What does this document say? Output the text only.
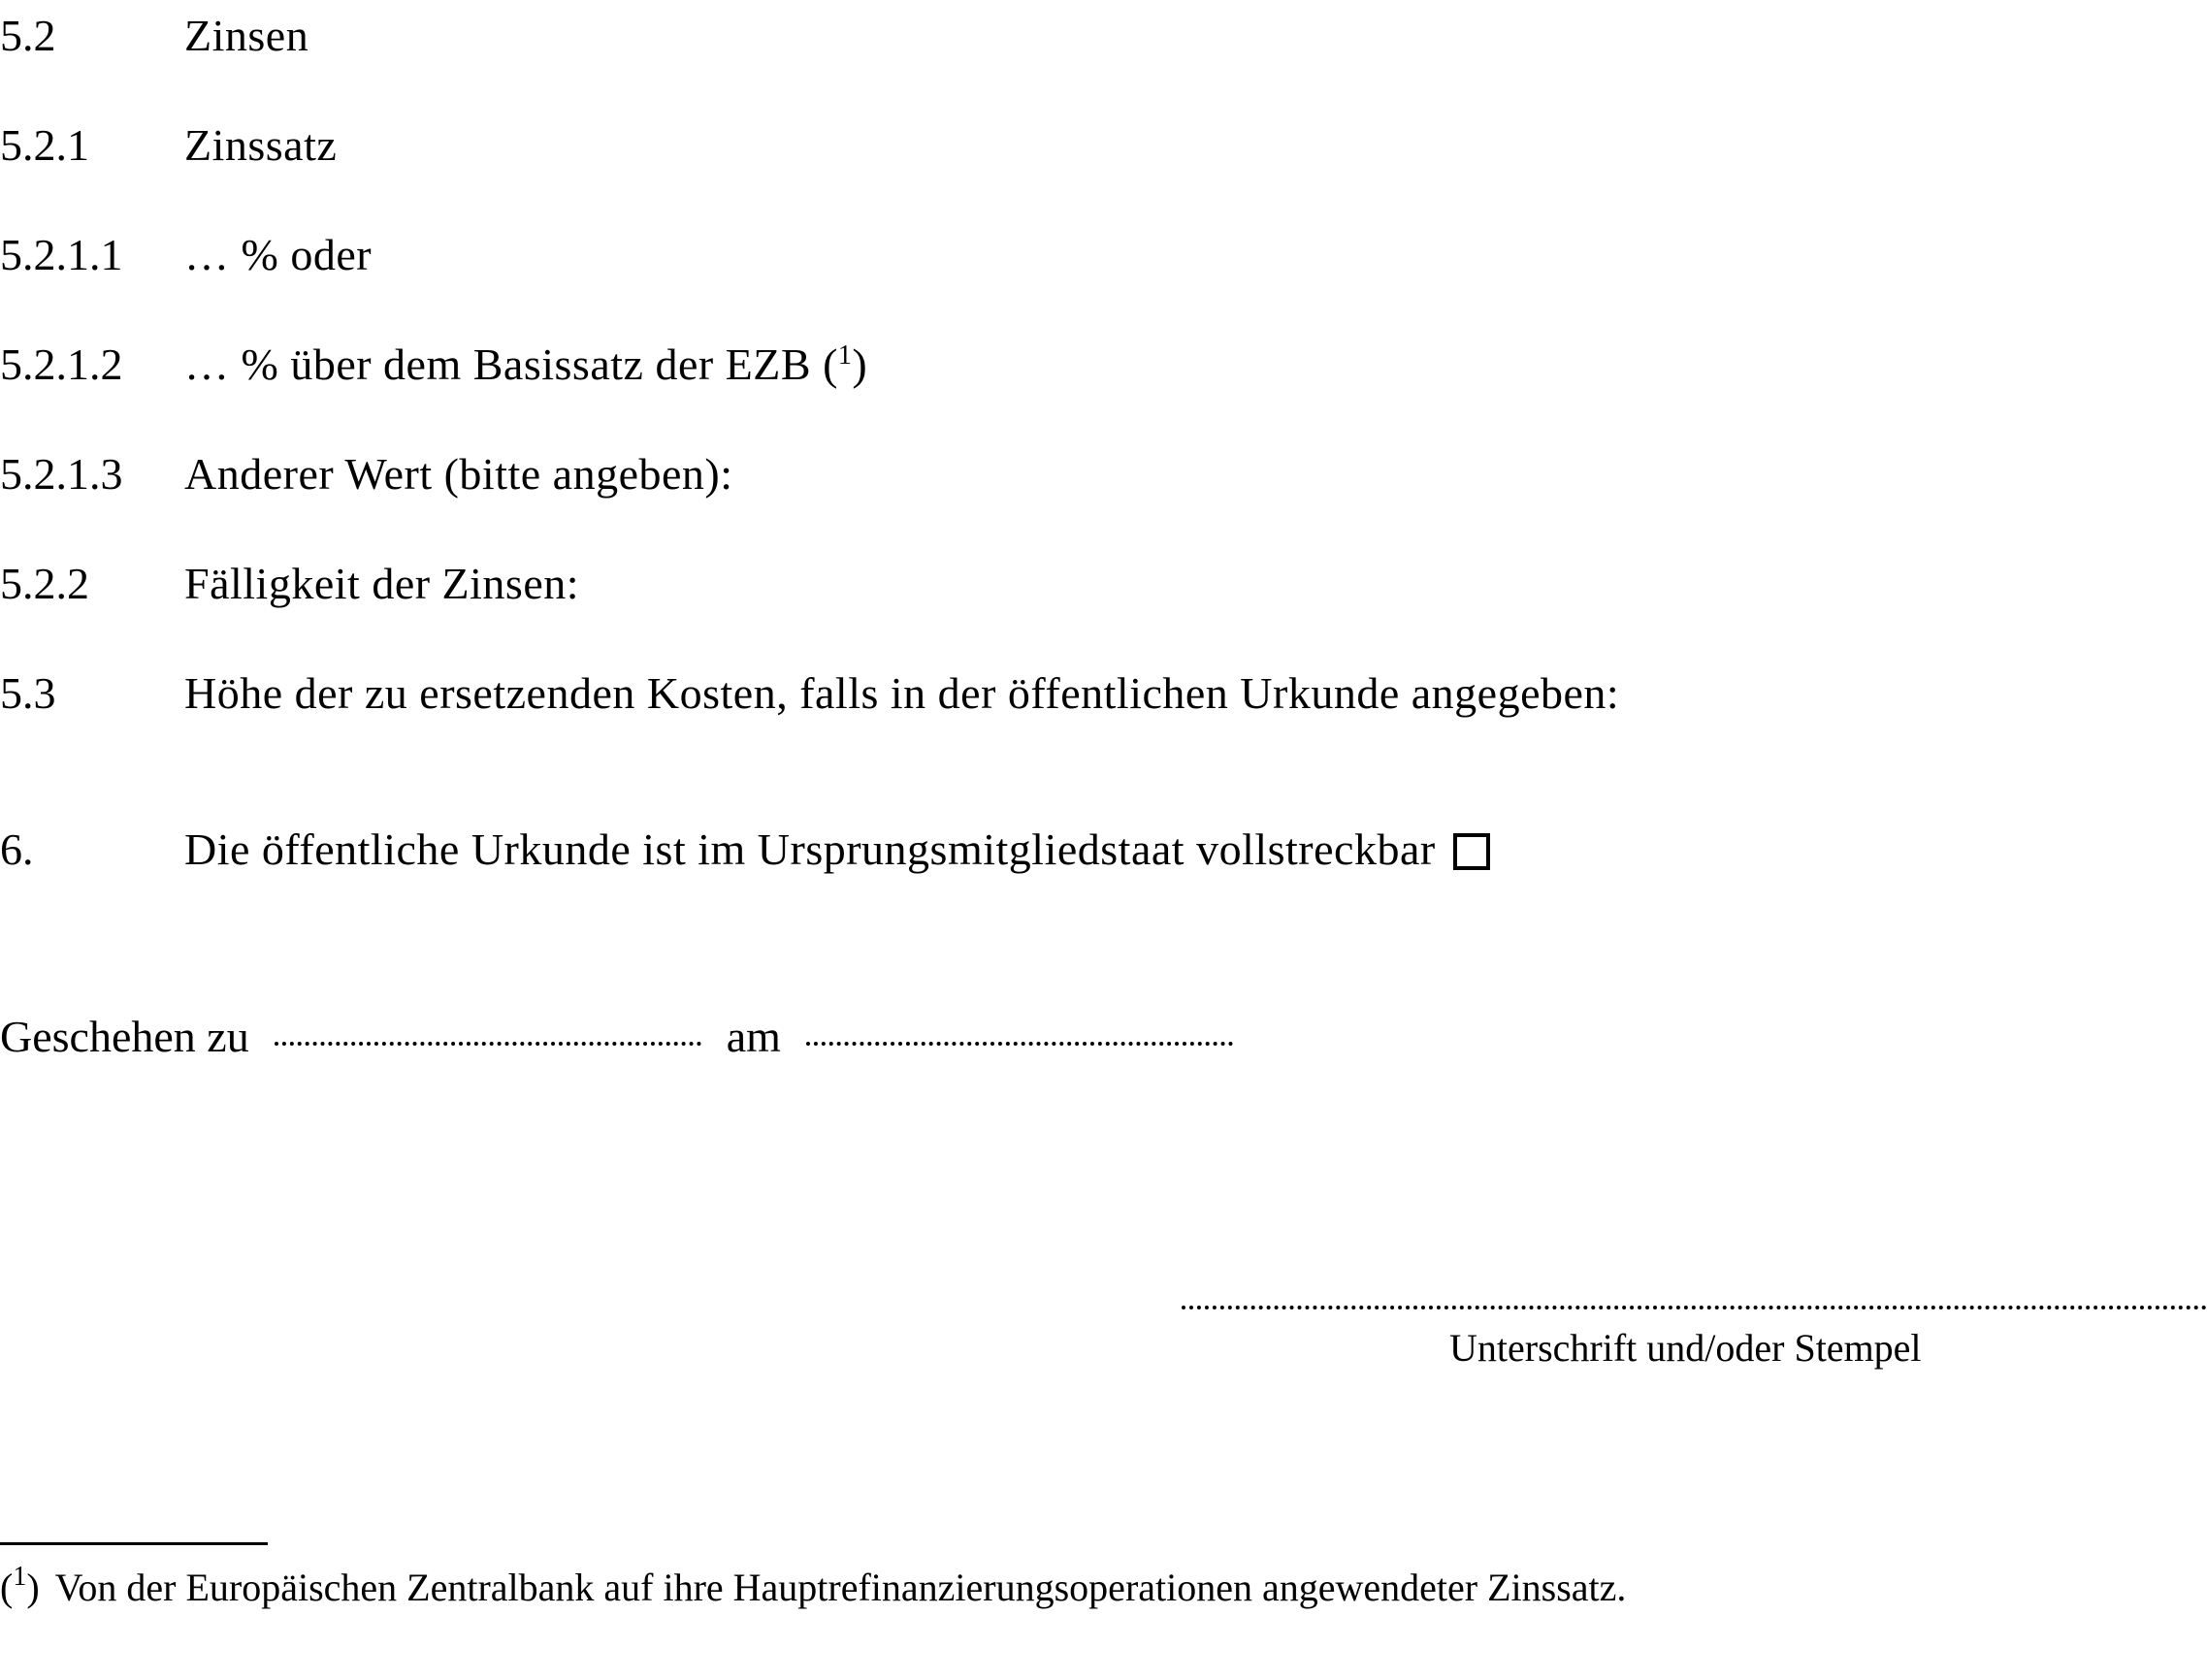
5.2	Zinsen
5.2.1 Zinssatz
5.2.1.1 … % oder
5.2.1.2 … % über dem Basissatz der EZB ($^1$)
5.2.1.3 Anderer Wert (bitte angeben):
5.2.2 Fälligkeit der Zinsen:
5.3	Höhe der zu ersetzenden Kosten, falls in der öffentlichen Urkunde angegeben:
6.	Die öffentliche Urkunde ist im Ursprungsmitgliedstaat vollstreckbar
Geschehen zu	am
Unterschrift und/oder Stempel
($^1$) Von der Europäischen Zentralbank auf ihre Hauptrefinanzierungsoperationen angewendeter Zinssatz.
